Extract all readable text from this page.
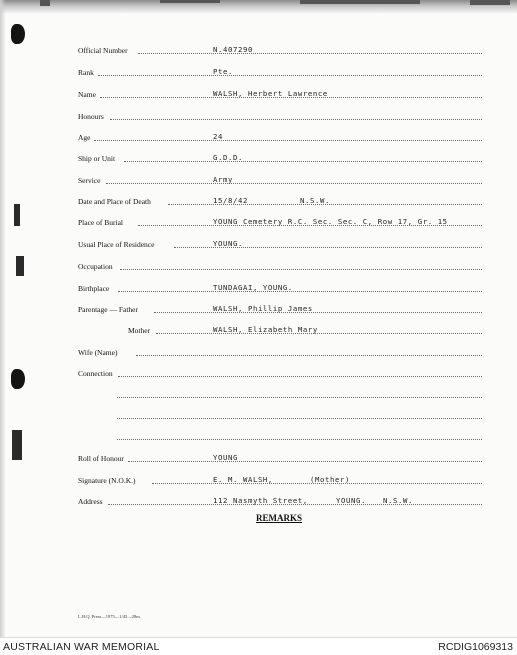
Official Number	N.407290
Rank	Pte.
Name	WALSH, Herbert Lawrence
Honours
Age	24
Ship or Unit	G.D.D.
Service	Army
Date and Place of Death	15/8/42	N.S.W.
Place of Burial	YOUNG Cemetery R.C. Sec. Sec. C, Row 17, Gr. 15
Usual Place of Residence	YOUNG.
Occupation
Birthplace	TUNDAGAI, YOUNG.
Parentage — Father	WALSH, Phillip James
Mother	WALSH, Elizabeth Mary
Wife (Name)
Connection
Roll of Honour	YOUNG
Signature (N.O.K.)	E. M. WALSH,	(Mother)
Address	112 Nasmyth Street,	YOUNG. N.S.W.
REMARKS
L.H.Q. Press—1975—1/45—28m.
AUSTRALIAN WAR MEMORIAL	RCDIG1069313
